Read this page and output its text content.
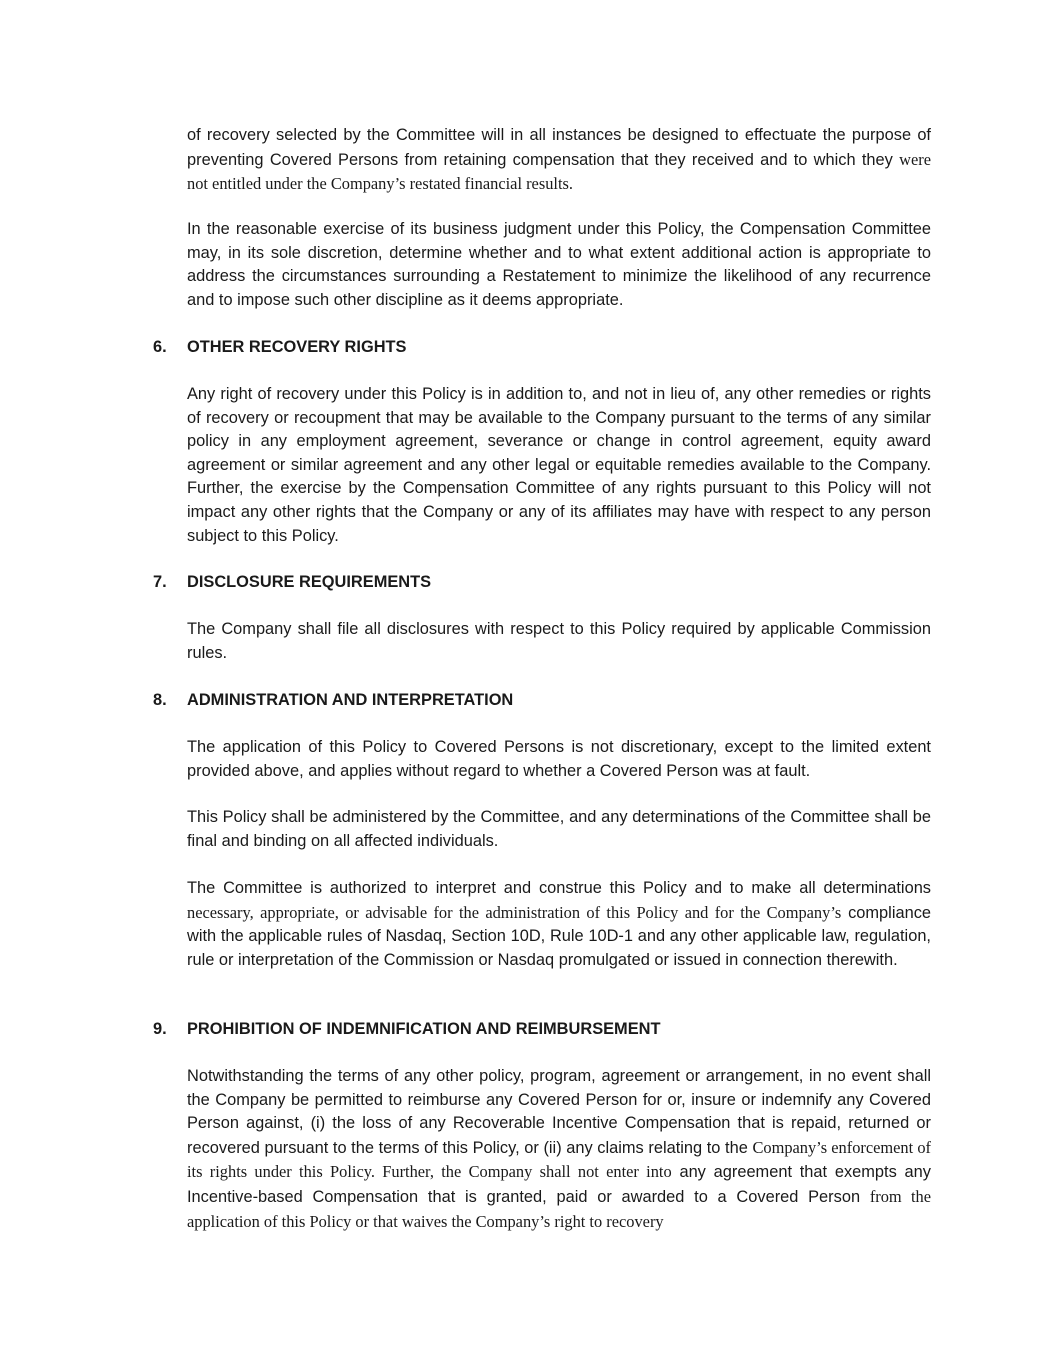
of recovery selected by the Committee will in all instances be designed to effectuate the purpose of preventing Covered Persons from retaining compensation that they received and to which they were not entitled under the Company’s restated financial results.

In the reasonable exercise of its business judgment under this Policy, the Compensation Committee may, in its sole discretion, determine whether and to what extent additional action is appropriate to address the circumstances surrounding a Restatement to minimize the likelihood of any recurrence and to impose such other discipline as it deems appropriate.

6. OTHER RECOVERY RIGHTS

Any right of recovery under this Policy is in addition to, and not in lieu of, any other remedies or rights of recovery or recoupment that may be available to the Company pursuant to the terms of any similar policy in any employment agreement, severance or change in control agreement, equity award agreement or similar agreement and any other legal or equitable remedies available to the Company. Further, the exercise by the Compensation Committee of any rights pursuant to this Policy will not impact any other rights that the Company or any of its affiliates may have with respect to any person subject to this Policy.

7. DISCLOSURE REQUIREMENTS

The Company shall file all disclosures with respect to this Policy required by applicable Commission rules.

8. ADMINISTRATION AND INTERPRETATION

The application of this Policy to Covered Persons is not discretionary, except to the limited extent provided above, and applies without regard to whether a Covered Person was at fault.

This Policy shall be administered by the Committee, and any determinations of the Committee shall be final and binding on all affected individuals.

The Committee is authorized to interpret and construe this Policy and to make all determinations necessary, appropriate, or advisable for the administration of this Policy and for the Company’s compliance with the applicable rules of Nasdaq, Section 10D, Rule 10D-1 and any other applicable law, regulation, rule or interpretation of the Commission or Nasdaq promulgated or issued in connection therewith.

9. PROHIBITION OF INDEMNIFICATION AND REIMBURSEMENT

Notwithstanding the terms of any other policy, program, agreement or arrangement, in no event shall the Company be permitted to reimburse any Covered Person for or, insure or indemnify any Covered Person against, (i) the loss of any Recoverable Incentive Compensation that is repaid, returned or recovered pursuant to the terms of this Policy, or (ii) any claims relating to the Company’s enforcement of its rights under this Policy. Further, the Company shall not enter into any agreement that exempts any Incentive-based Compensation that is granted, paid or awarded to a Covered Person from the application of this Policy or that waives the Company’s right to recovery
